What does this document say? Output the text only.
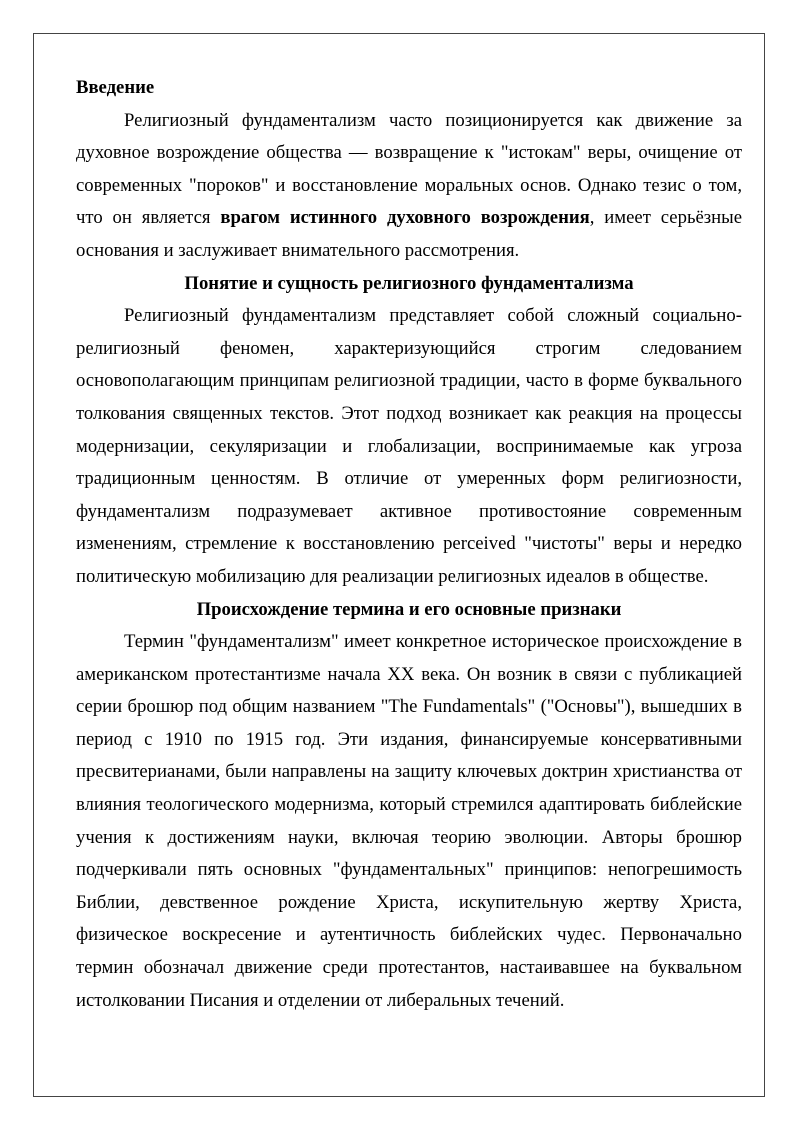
Введение

Религиозный фундаментализм часто позиционируется как движение за духовное возрождение общества — возвращение к "истокам" веры, очищение от современных "пороков" и восстановление моральных основ. Однако тезис о том, что он является врагом истинного духовного возрождения, имеет серьёзные основания и заслуживает внимательного рассмотрения.

Понятие и сущность религиозного фундаментализма

Религиозный фундаментализм представляет собой сложный социально-религиозный феномен, характеризующийся строгим следованием основополагающим принципам религиозной традиции, часто в форме буквального толкования священных текстов. Этот подход возникает как реакция на процессы модернизации, секуляризации и глобализации, воспринимаемые как угроза традиционным ценностям. В отличие от умеренных форм религиозности, фундаментализм подразумевает активное противостояние современным изменениям, стремление к восстановлению perceived "чистоты" веры и нередко политическую мобилизацию для реализации религиозных идеалов в обществе.

Происхождение термина и его основные признаки

Термин "фундаментализм" имеет конкретное историческое происхождение в американском протестантизме начала XX века. Он возник в связи с публикацией серии брошюр под общим названием "The Fundamentals" ("Основы"), вышедших в период с 1910 по 1915 год. Эти издания, финансируемые консервативными пресвитерианами, были направлены на защиту ключевых доктрин христианства от влияния теологического модернизма, который стремился адаптировать библейские учения к достижениям науки, включая теорию эволюции. Авторы брошюр подчеркивали пять основных "фундаментальных" принципов: непогрешимость Библии, девственное рождение Христа, искупительную жертву Христа, физическое воскресение и аутентичность библейских чудес. Первоначально термин обозначал движение среди протестантов, настаивавшее на буквальном истолковании Писания и отделении от либеральных течений.
